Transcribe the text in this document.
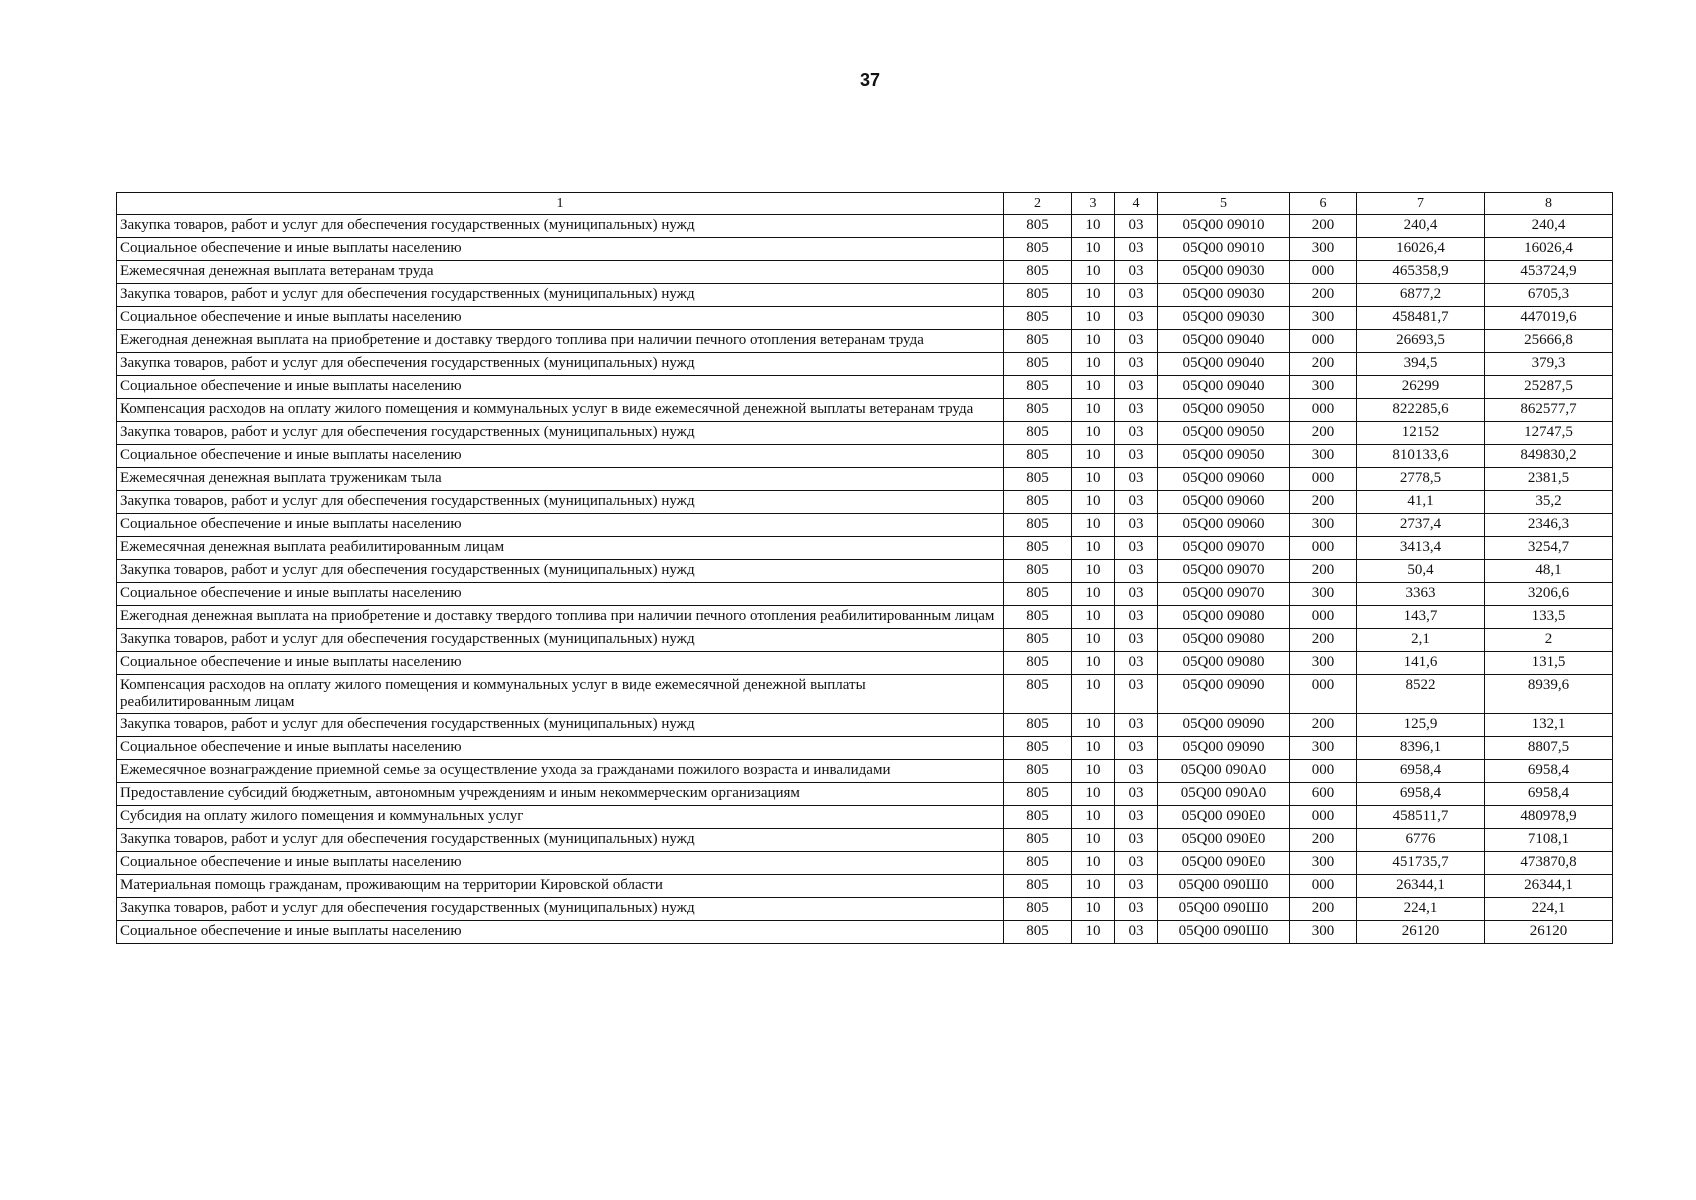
37
1	2	3	4	5	6	7	8
Закупка товаров, работ и услуг для обеспечения государственных (муниципальных) нужд	805	10	03	05Q00 09010	200	240,4	240,4
Социальное обеспечение и иные выплаты населению	805	10	03	05Q00 09010	300	16026,4	16026,4
Ежемесячная денежная выплата ветеранам труда	805	10	03	05Q00 09030	000	465358,9	453724,9
Закупка товаров, работ и услуг для обеспечения государственных (муниципальных) нужд	805	10	03	05Q00 09030	200	6877,2	6705,3
Социальное обеспечение и иные выплаты населению	805	10	03	05Q00 09030	300	458481,7	447019,6
Ежегодная денежная выплата на приобретение и доставку твердого топлива при наличии печного отопления ветеранам труда	805	10	03	05Q00 09040	000	26693,5	25666,8
Закупка товаров, работ и услуг для обеспечения государственных (муниципальных) нужд	805	10	03	05Q00 09040	200	394,5	379,3
Социальное обеспечение и иные выплаты населению	805	10	03	05Q00 09040	300	26299	25287,5
Компенсация расходов на оплату жилого помещения и коммунальных услуг в виде ежемесячной денежной выплаты ветеранам труда	805	10	03	05Q00 09050	000	822285,6	862577,7
Закупка товаров, работ и услуг для обеспечения государственных (муниципальных) нужд	805	10	03	05Q00 09050	200	12152	12747,5
Социальное обеспечение и иные выплаты населению	805	10	03	05Q00 09050	300	810133,6	849830,2
Ежемесячная денежная выплата труженикам тыла	805	10	03	05Q00 09060	000	2778,5	2381,5
Закупка товаров, работ и услуг для обеспечения государственных (муниципальных) нужд	805	10	03	05Q00 09060	200	41,1	35,2
Социальное обеспечение и иные выплаты населению	805	10	03	05Q00 09060	300	2737,4	2346,3
Ежемесячная денежная выплата реабилитированным лицам	805	10	03	05Q00 09070	000	3413,4	3254,7
Закупка товаров, работ и услуг для обеспечения государственных (муниципальных) нужд	805	10	03	05Q00 09070	200	50,4	48,1
Социальное обеспечение и иные выплаты населению	805	10	03	05Q00 09070	300	3363	3206,6
Ежегодная денежная выплата на приобретение и доставку твердого топлива при наличии печного отопления реабилитированным лицам	805	10	03	05Q00 09080	000	143,7	133,5
Закупка товаров, работ и услуг для обеспечения государственных (муниципальных) нужд	805	10	03	05Q00 09080	200	2,1	2
Социальное обеспечение и иные выплаты населению	805	10	03	05Q00 09080	300	141,6	131,5
Компенсация расходов на оплату жилого помещения и коммунальных услуг в виде ежемесячной денежной выплаты реабилитированным лицам	805	10	03	05Q00 09090	000	8522	8939,6
Закупка товаров, работ и услуг для обеспечения государственных (муниципальных) нужд	805	10	03	05Q00 09090	200	125,9	132,1
Социальное обеспечение и иные выплаты населению	805	10	03	05Q00 09090	300	8396,1	8807,5
Ежемесячное вознаграждение приемной семье за осуществление ухода за гражданами пожилого возраста и инвалидами	805	10	03	05Q00 090A0	000	6958,4	6958,4
Предоставление субсидий бюджетным, автономным учреждениям и иным некоммерческим организациям	805	10	03	05Q00 090A0	600	6958,4	6958,4
Субсидия на оплату жилого помещения и коммунальных услуг	805	10	03	05Q00 090E0	000	458511,7	480978,9
Закупка товаров, работ и услуг для обеспечения государственных (муниципальных) нужд	805	10	03	05Q00 090E0	200	6776	7108,1
Социальное обеспечение и иные выплаты населению	805	10	03	05Q00 090E0	300	451735,7	473870,8
Материальная помощь гражданам, проживающим на территории Кировской области	805	10	03	05Q00 090Ш0	000	26344,1	26344,1
Закупка товаров, работ и услуг для обеспечения государственных (муниципальных) нужд	805	10	03	05Q00 090Ш0	200	224,1	224,1
Социальное обеспечение и иные выплаты населению	805	10	03	05Q00 090Ш0	300	26120	26120
